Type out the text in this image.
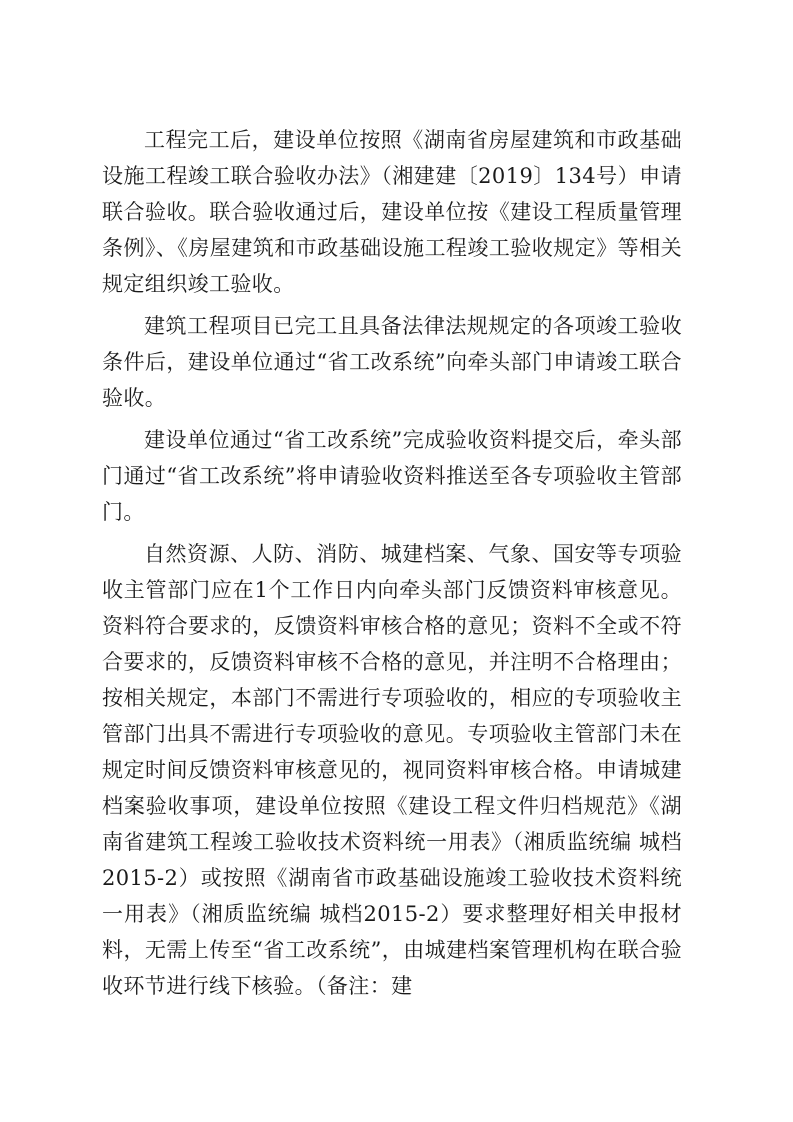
工程完工后，建设单位按照《湖南省房屋建筑和市政基础设施工程竣工联合验收办法》（湘建建〔2019〕134号）申请联合验收。联合验收通过后，建设单位按《建设工程质量管理条例》、《房屋建筑和市政基础设施工程竣工验收规定》等相关规定组织竣工验收。

建筑工程项目已完工且具备法律法规规定的各项竣工验收条件后，建设单位通过“省工改系统”向牵头部门申请竣工联合验收。

建设单位通过“省工改系统”完成验收资料提交后，牵头部门通过“省工改系统”将申请验收资料推送至各专项验收主管部门。

自然资源、人防、消防、城建档案、气象、国安等专项验收主管部门应在1个工作日内向牵头部门反馈资料审核意见。资料符合要求的，反馈资料审核合格的意见；资料不全或不符合要求的，反馈资料审核不合格的意见，并注明不合格理由；按相关规定，本部门不需进行专项验收的，相应的专项验收主管部门出具不需进行专项验收的意见。专项验收主管部门未在规定时间反馈资料审核意见的，视同资料审核合格。申请城建档案验收事项，建设单位按照《建设工程文件归档规范》《湖南省建筑工程竣工验收技术资料统一用表》（湘质监统编 城档2015-2）或按照《湖南省市政基础设施竣工验收技术资料统一用表》（湘质监统编 城档2015-2）要求整理好相关申报材料，无需上传至“省工改系统”，由城建档案管理机构在联合验收环节进行线下核验。（备注：建
